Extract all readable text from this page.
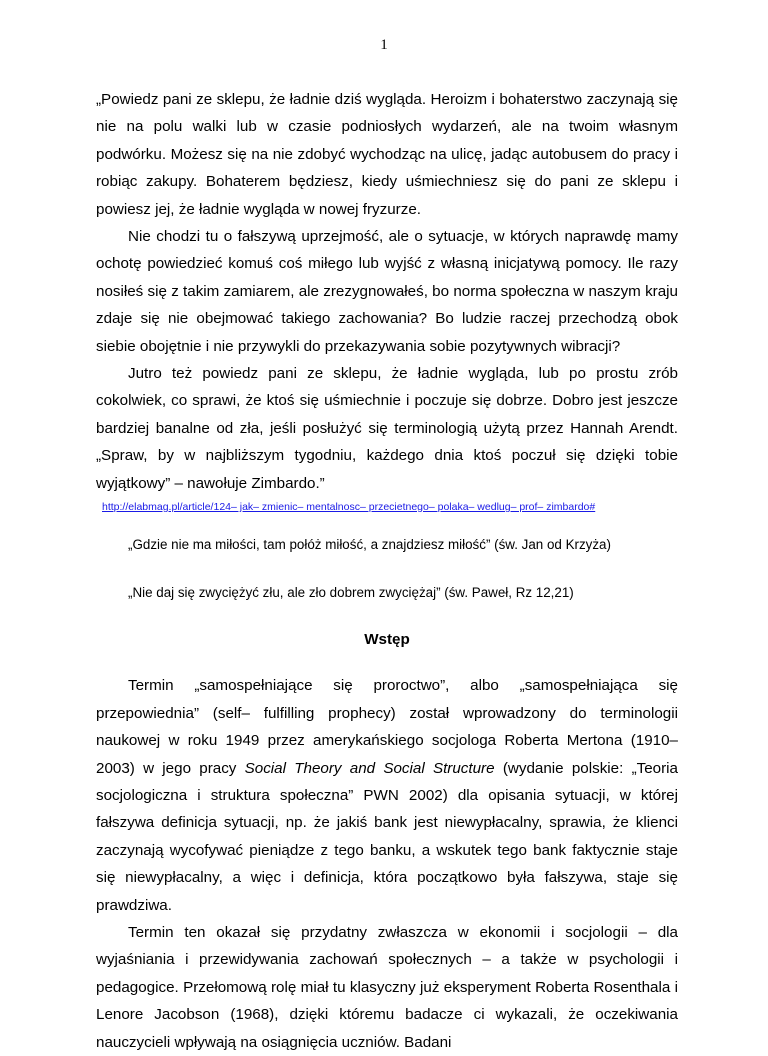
1

„Powiedz pani ze sklepu, że ładnie dziś wygląda. Heroizm i bohaterstwo zaczynają się nie na polu walki lub w czasie podniosłych wydarzeń, ale na twoim własnym podwórku. Możesz się na nie zdobyć wychodząc na ulicę, jadąc autobusem do pracy i robiąc zakupy. Bohaterem będziesz, kiedy uśmiechniesz się do pani ze sklepu i powiesz jej, że ładnie wygląda w nowej fryzurze.

Nie chodzi tu o fałszywą uprzejmość, ale o sytuacje, w których naprawdę mamy ochotę powiedzieć komuś coś miłego lub wyjść z własną inicjatywą pomocy. Ile razy nosiłeś się z takim zamiarem, ale zrezygnowałeś, bo norma społeczna w naszym kraju zdaje się nie obejmować takiego zachowania? Bo ludzie raczej przechodzą obok siebie obojętnie i nie przywykli do przekazywania sobie pozytywnych wibracji?

Jutro też powiedz pani ze sklepu, że ładnie wygląda, lub po prostu zrób cokolwiek, co sprawi, że ktoś się uśmiechnie i poczuje się dobrze. Dobro jest jeszcze bardziej banalne od zła, jeśli posłużyć się terminologią użytą przez Hannah Arendt. „Spraw, by w najbliższym tygodniu, każdego dnia ktoś poczuł się dzięki tobie wyjątkowy” – nawołuje Zimbardo.”

http://elabmag.pl/article/124– jak– zmienic– mentalnosc– przecietnego– polaka– wedlug– prof– zimbardo#

„Gdzie nie ma miłości, tam połóż miłość, a znajdziesz miłość” (św. Jan od Krzyża)

„Nie daj się zwyciężyć złu, ale zło dobrem zwyciężaj” (św. Paweł, Rz 12,21)

Wstęp

Termin „samospełniające się proroctwo”, albo „samospełniająca się przepowiednia” (self– fulfilling prophecy) został wprowadzony do terminologii naukowej w roku 1949 przez amerykańskiego socjologa Roberta Mertona (1910–2003) w jego pracy Social Theory and Social Structure (wydanie polskie: „Teoria socjologiczna i struktura społeczna” PWN 2002) dla opisania sytuacji, w której fałszywa definicja sytuacji, np. że jakiś bank jest niewypłacalny, sprawia, że klienci zaczynają wycofywać pieniądze z tego banku, a wskutek tego bank faktycznie staje się niewypłacalny, a więc i definicja, która początkowo była fałszywa, staje się prawdziwa.

Termin ten okazał się przydatny zwłaszcza w ekonomii i socjologii – dla wyjaśniania i przewidywania zachowań społecznych – a także w psychologii i pedagogice. Przełomową rolę miał tu klasyczny już eksperyment Roberta Rosenthala i Lenore Jacobson (1968), dzięki któremu badacze ci wykazali, że oczekiwania nauczycieli wpływają na osiągnięcia uczniów. Badani
